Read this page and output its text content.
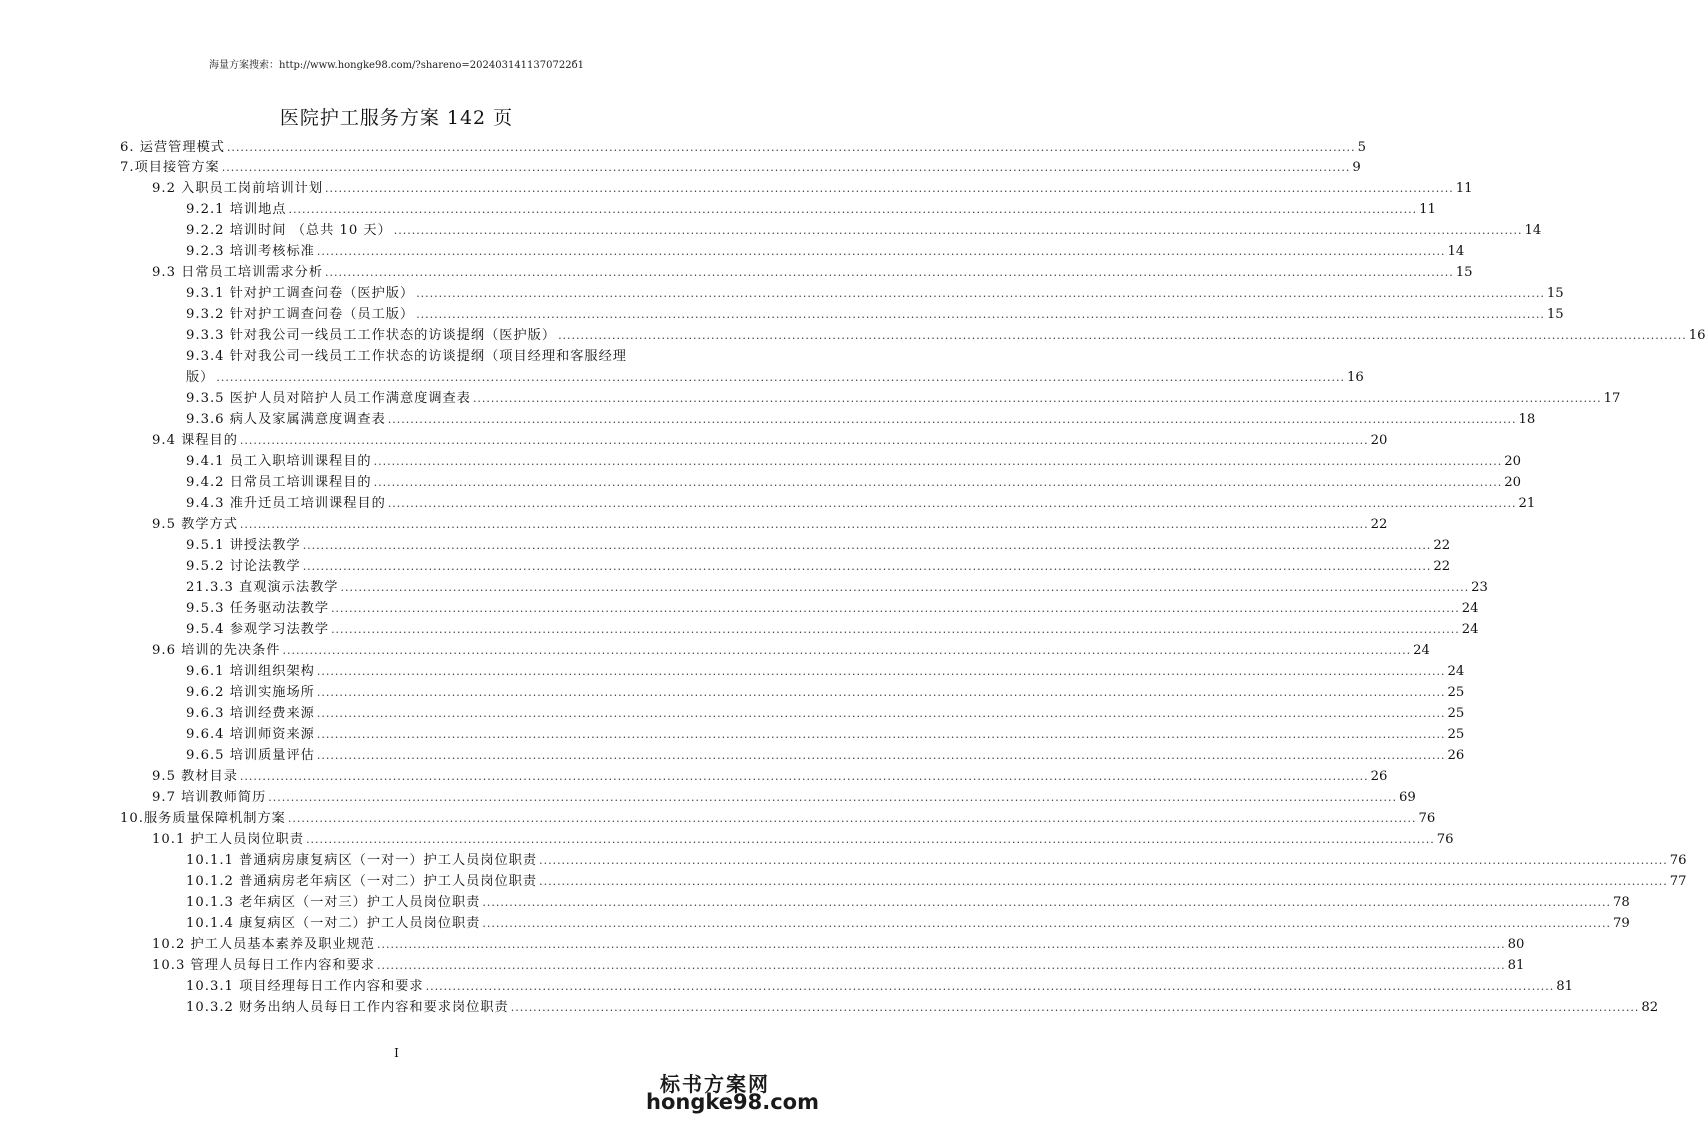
海量方案搜索：http://www.hongke98.com/?shareno=2024031411370722б1
医院护工服务方案 142 页
6. 运营管理模式 .....	5
7.项目接管方案 .....	9
9.2 入职员工岗前培训计划 .....	11
9.2.1 培训地点 .....	11
9.2.2 培训时间 （总共 10 天） .....	14
9.2.3 培训考核标准 .....	14
9.3 日常员工培训需求分析 .....	15
9.3.1 针对护工调查问卷（医护版） .....	15
9.3.2 针对护工调查问卷（员工版） .....	15
9.3.3 针对我公司一线员工工作状态的访谈提纲（医护版） .....	16
9.3.4 针对我公司一线员工工作状态的访谈提纲（项目经理和客服经理
版） .....	16
9.3.5 医护人员对陪护人员工作满意度调查表 .....	17
9.3.6 病人及家属满意度调查表 .....	18
9.4 课程目的 .....	20
9.4.1 员工入职培训课程目的 .....	20
9.4.2 日常员工培训课程目的 .....	20
9.4.3 准升迁员工培训课程目的 .....	21
9.5 教学方式 .....	22
9.5.1 讲授法教学 .....	22
9.5.2 讨论法教学 .....	22
21.3.3 直观演示法教学 .....	23
9.5.3 任务驱动法教学 .....	24
9.5.4 参观学习法教学 .....	24
9.6 培训的先决条件 .....	24
9.6.1 培训组织架构 .....	24
9.6.2 培训实施场所 .....	25
9.6.3 培训经费来源 .....	25
9.6.4 培训师资来源 .....	25
9.6.5 培训质量评估 .....	26
9.5 教材目录 .....	26
9.7 培训教师简历 .....	69
10.服务质量保障机制方案 .....	76
10.1 护工人员岗位职责 .....	76
10.1.1 普通病房康复病区（一对一）护工人员岗位职责 .....	76
10.1.2 普通病房老年病区（一对二）护工人员岗位职责 .....	77
10.1.3 老年病区（一对三）护工人员岗位职责 .....	78
10.1.4 康复病区（一对二）护工人员岗位职责 .....	79
10.2 护工人员基本素养及职业规范 .....	80
10.3 管理人员每日工作内容和要求 .....	81
10.3.1 项目经理每日工作内容和要求 .....	81
10.3.2 财务出纳人员每日工作内容和要求岗位职责 .....	82
I
标书方案网
hongke98.com
